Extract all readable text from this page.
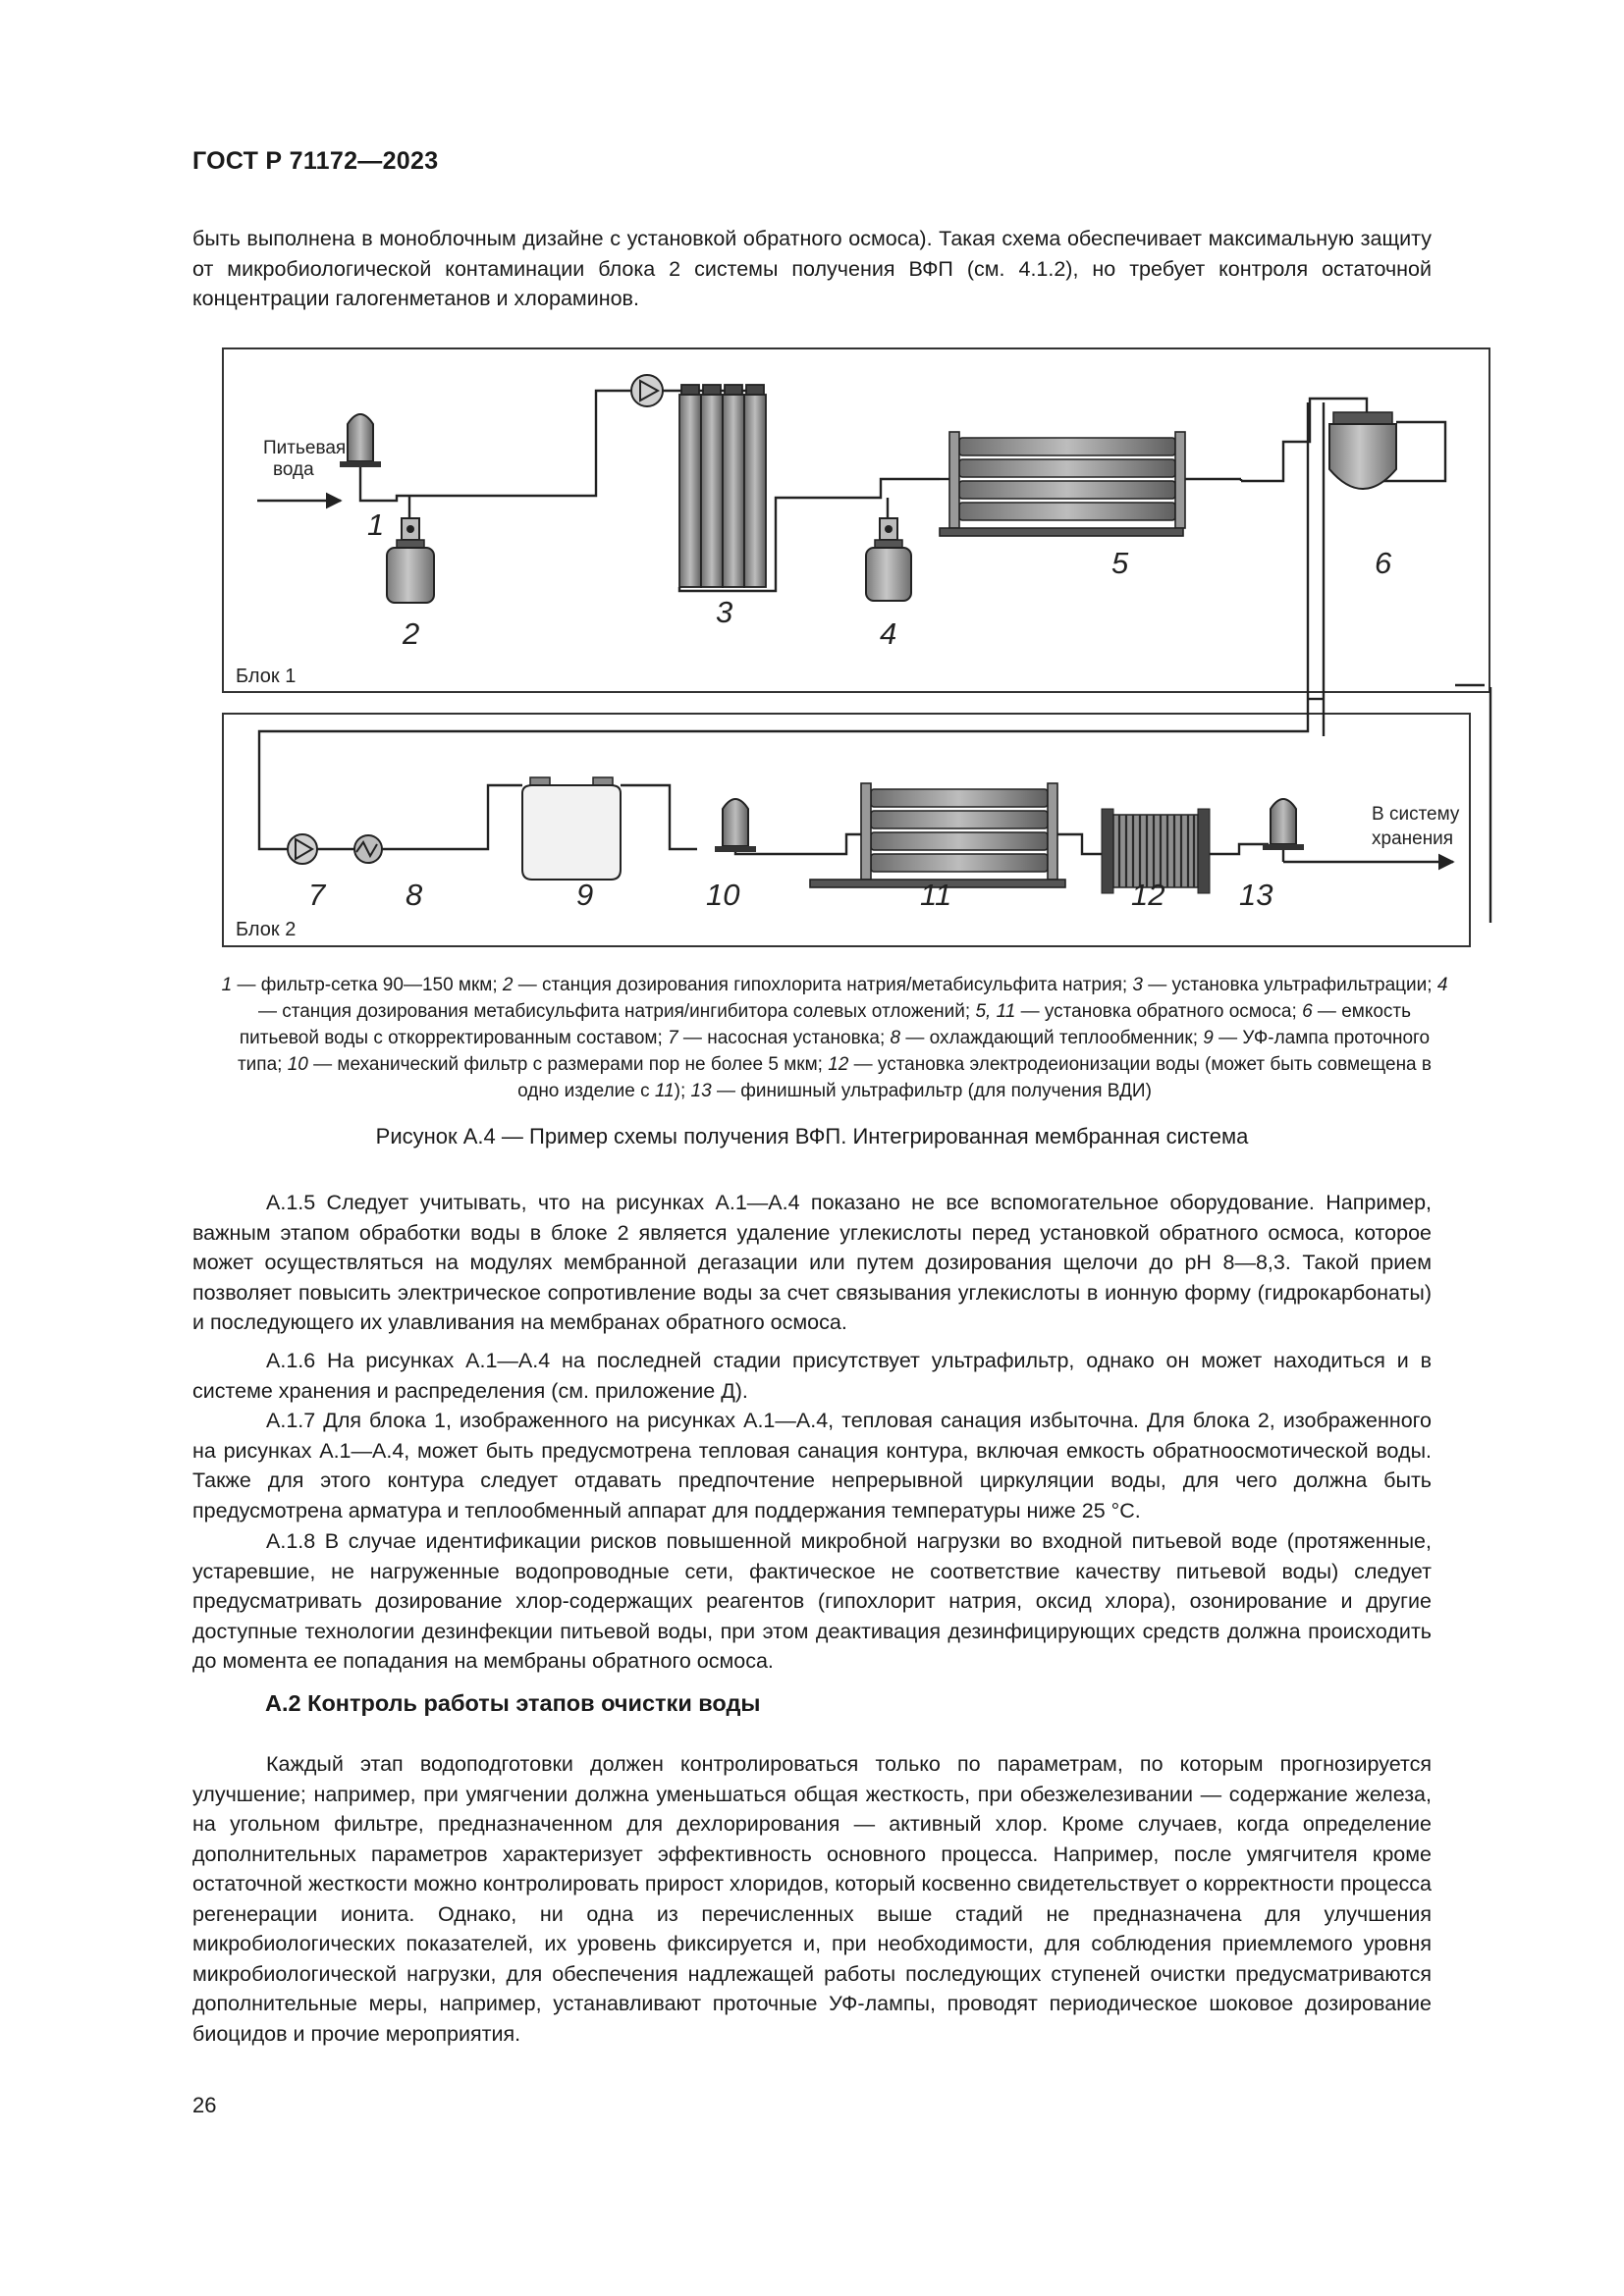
ГОСТ Р 71172—2023
быть выполнена в моноблочным дизайне с установкой обратного осмоса). Такая схема обеспечивает максимальную защиту от микробиологической контаминации блока 2 системы получения ВФП (см. 4.1.2), но требует контроля остаточной концентрации галогенметанов и хлораминов.
Блок 1
Блок 2
Питьевая
вода
В систему
хранения
1
2
3
4
5	6
7	8	9	10	11	12 13
1 — фильтр-сетка 90—150 мкм; 2 — станция дозирования гипохлорита натрия/метабисульфита натрия; 3 — установка ультрафильтрации; 4 — станция дозирования метабисульфита натрия/ингибитора солевых отложений; 5, 11 — установка обратного осмоса; 6 — емкость питьевой воды с откорректированным составом; 7 — насосная установка; 8 — охлаждающий теплообменник; 9 — УФ-лампа проточного типа; 10 — механический фильтр с размерами пор не более 5 мкм; 12 — установка электродеионизации воды (может быть совмещена в одно изделие с 11); 13 — финишный ультрафильтр (для получения ВДИ)
Рисунок А.4 — Пример схемы получения ВФП. Интегрированная мембранная система
А.1.5 Следует учитывать, что на рисунках А.1—А.4 показано не все вспомогательное оборудование. Например, важным этапом обработки воды в блоке 2 является удаление углекислоты перед установкой обратного осмоса, которое может осуществляться на модулях мембранной дегазации или путем дозирования щелочи до pH 8—8,3. Такой прием позволяет повысить электрическое сопротивление воды за счет связывания углекислоты в ионную форму (гидрокарбонаты) и последующего их улавливания на мембранах обратного осмоса.
А.1.6 На рисунках А.1—А.4 на последней стадии присутствует ультрафильтр, однако он может находиться и в системе хранения и распределения (см. приложение Д).
А.1.7 Для блока 1, изображенного на рисунках А.1—А.4, тепловая санация избыточна. Для блока 2, изображенного на рисунках А.1—А.4, может быть предусмотрена тепловая санация контура, включая емкость обратноосмотической воды. Также для этого контура следует отдавать предпочтение непрерывной циркуляции воды, для чего должна быть предусмотрена арматура и теплообменный аппарат для поддержания температуры ниже 25 °С.
А.1.8 В случае идентификации рисков повышенной микробной нагрузки во входной питьевой воде (протяженные, устаревшие, не нагруженные водопроводные сети, фактическое не соответствие качеству питьевой воды) следует предусматривать дозирование хлор-содержащих реагентов (гипохлорит натрия, оксид хлора), озонирование и другие доступные технологии дезинфекции питьевой воды, при этом деактивация дезинфицирующих средств должна происходить до момента ее попадания на мембраны обратного осмоса.
А.2 Контроль работы этапов очистки воды
Каждый этап водоподготовки должен контролироваться только по параметрам, по которым прогнозируется улучшение; например, при умягчении должна уменьшаться общая жесткость, при обезжелезивании — содержание железа, на угольном фильтре, предназначенном для дехлорирования — активный хлор. Кроме случаев, когда определение дополнительных параметров характеризует эффективность основного процесса. Например, после умягчителя кроме остаточной жесткости можно контролировать прирост хлоридов, который косвенно свидетельствует о корректности процесса регенерации ионита. Однако, ни одна из перечисленных выше стадий не предназначена для улучшения микробиологических показателей, их уровень фиксируется и, при необходимости, для соблюдения приемлемого уровня микробиологической нагрузки, для обеспечения надлежащей работы последующих ступеней очистки предусматриваются дополнительные меры, например, устанавливают проточные УФ-лампы, проводят периодическое шоковое дозирование биоцидов и прочие мероприятия.
26
